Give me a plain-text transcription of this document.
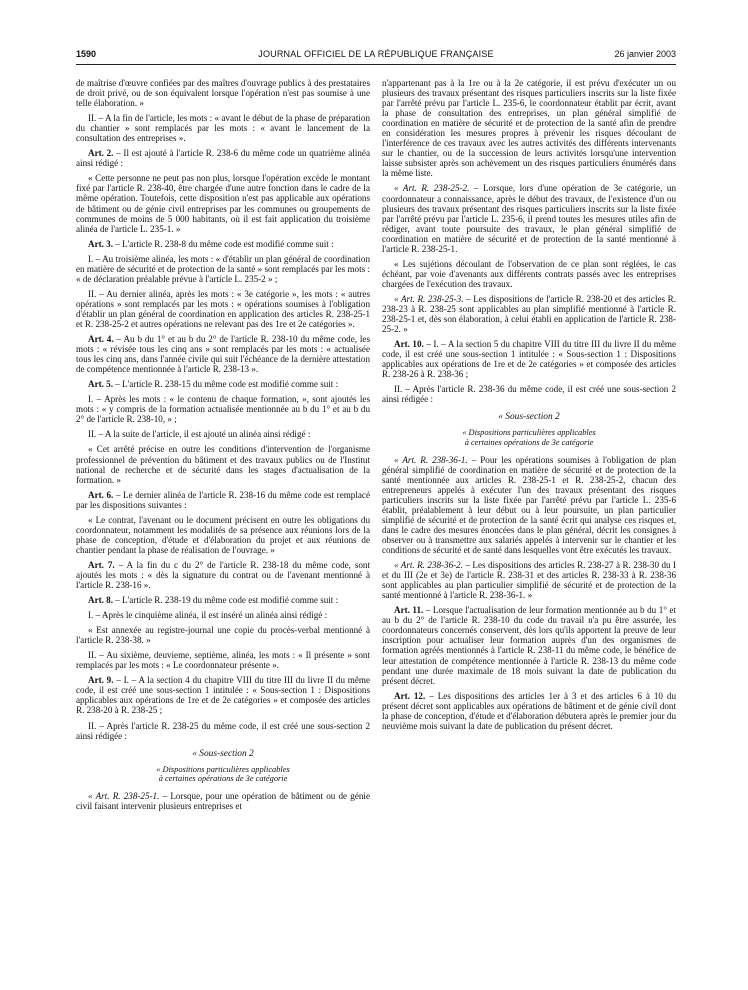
1590	JOURNAL OFFICIEL DE LA RÉPUBLIQUE FRANÇAISE	26 janvier 2003

de maîtrise d'œuvre confiées par des maîtres d'ouvrage publics à des prestataires de droit privé, ou de son équivalent lorsque l'opération n'est pas soumise à une telle élaboration. »

II. – A la fin de l'article, les mots : « avant le début de la phase de préparation du chantier » sont remplacés par les mots : « avant le lancement de la consultation des entreprises ».

Art. 2. – Il est ajouté à l'article R. 238-6 du même code un quatrième alinéa ainsi rédigé :

« Cette personne ne peut pas non plus, lorsque l'opération excède le montant fixé par l'article R. 238-40, être chargée d'une autre fonction dans le cadre de la même opération. Toutefois, cette disposition n'est pas applicable aux opérations de bâtiment ou de génie civil entreprises par les communes ou groupements de communes de moins de 5 000 habitants, où il est fait application du troisième alinéa de l'article L. 235-1. »

Art. 3. – L'article R. 238-8 du même code est modifié comme suit :

I. – Au troisième alinéa, les mots : « d'établir un plan général de coordination en matière de sécurité et de protection de la santé » sont remplacés par les mots : « de déclaration préalable prévue à l'article L. 235-2 » ;

II. – Au dernier alinéa, après les mots : « 3e catégorie », les mots : « autres opérations » sont remplacés par les mots : « opérations soumises à l'obligation d'établir un plan général de coordination en application des articles R. 238-25-1 et R. 238-25-2 et autres opérations ne relevant pas des 1re et 2e catégories ».

Art. 4. – Au b du 1° et au b du 2° de l'article R. 238-10 du même code, les mots : « révisée tous les cinq ans » sont remplacés par les mots : « actualisée tous les cinq ans, dans l'année civile qui suit l'échéance de la dernière attestation de compétence mentionnée à l'article R. 238-13 ».

Art. 5. – L'article R. 238-15 du même code est modifié comme suit :

I. – Après les mots : « le contenu de chaque formation, », sont ajoutés les mots : « y compris de la formation actualisée mentionnée au b du 1° et au b du 2° de l'article R. 238-10, » ;

II. – A la suite de l'article, il est ajouté un alinéa ainsi rédigé :

« Cet arrêté précise en outre les conditions d'intervention de l'organisme professionnel de prévention du bâtiment et des travaux publics ou de l'Institut national de recherche et de sécurité dans les stages d'actualisation de la formation. »

Art. 6. – Le dernier alinéa de l'article R. 238-16 du même code est remplacé par les dispositions suivantes :

« Le contrat, l'avenant ou le document précisent en outre les obligations du coordonnateur, notamment les modalités de sa présence aux réunions lors de la phase de conception, d'étude et d'élaboration du projet et aux réunions de chantier pendant la phase de réalisation de l'ouvrage. »

Art. 7. – A la fin du c du 2° de l'article R. 238-18 du même code, sont ajoutés les mots : « dès la signature du contrat ou de l'avenant mentionné à l'article R. 238-16 ».

Art. 8. – L'article R. 238-19 du même code est modifié comme suit :

I. – Après le cinquième alinéa, il est inséré un alinéa ainsi rédigé :

« Est annexée au registre-journal une copie du procès-verbal mentionné à l'article R. 238-38. »

II. – Au sixième, deuvieme, septième, alinéa, les mots : « Il présente » sont remplacés par les mots : « Le coordonnateur présente ».

Art. 9. – I. – A la section 4 du chapitre VIII du titre III du livre II du même code, il est créé une sous-section 1 intitulée : « Sous-section 1 : Dispositions applicables aux opérations de 1re et de 2e catégories » et composée des articles R. 238-20 à R. 238-25 ;

II. – Après l'article R. 238-25 du même code, il est créé une sous-section 2 ainsi rédigée :

« Sous-section 2

« Dispositions particulières applicables
à certaines opérations de 3e catégorie

« Art. R. 238-25-1. – Lorsque, pour une opération de bâtiment ou de génie civil faisant intervenir plusieurs entreprises et

n'appartenant pas à la 1re ou à la 2e catégorie, il est prévu d'exécuter un ou plusieurs des travaux présentant des risques particuliers inscrits sur la liste fixée par l'arrêté prévu par l'article L. 235-6, le coordonnateur établit par écrit, avant la phase de consultation des entreprises, un plan général simplifié de coordination en matière de sécurité et de protection de la santé afin de prendre en considération les mesures propres à prévenir les risques découlant de l'interférence de ces travaux avec les autres activités des différents intervenants sur le chantier, ou de la succession de leurs activités lorsqu'une intervention laisse subsister après son achèvement un des risques particuliers énumérés dans la même liste.

« Art. R. 238-25-2. – Lorsque, lors d'une opération de 3e catégorie, un coordonnateur a connaissance, après le début des travaux, de l'existence d'un ou plusieurs des travaux présentant des risques particuliers inscrits sur la liste fixée par l'arrêté prévu par l'article L. 235-6, il prend toutes les mesures utiles afin de rédiger, avant toute poursuite des travaux, le plan général simplifié de coordination en matière de sécurité et de protection de la santé mentionné à l'article R. 238-25-1.

« Les sujétions découlant de l'observation de ce plan sont réglées, le cas échéant, par voie d'avenants aux différents contrats passés avec les entreprises chargées de l'exécution des travaux.

« Art. R. 238-25-3. – Les dispositions de l'article R. 238-20 et des articles R. 238-23 à R. 238-25 sont applicables au plan simplifié mentionné à l'article R. 238-25-1 et, dès son élaboration, à celui établi en application de l'article R. 238-25-2. »

Art. 10. – I. – A la section 5 du chapitre VIII du titre III du livre II du même code, il est créé une sous-section 1 intitulée : « Sous-section 1 : Dispositions applicables aux opérations de 1re et de 2e catégories » et composée des articles R. 238-26 à R. 238-36 ;

II. – Après l'article R. 238-36 du même code, il est créé une sous-section 2 ainsi rédigée :

« Sous-section 2

« Dispositions particulières applicables
à certaines opérations de 3e catégorie

« Art. R. 238-36-1. – Pour les opérations soumises à l'obligation de plan général simplifié de coordination en matière de sécurité et de protection de la santé mentionnée aux articles R. 238-25-1 et R. 238-25-2, chacun des entrepreneurs appelés à exécuter l'un des travaux présentant des risques particuliers inscrits sur la liste fixée par l'arrêté prévu par l'article L. 235-6 établit, préalablement à leur début ou à leur poursuite, un plan particulier simplifié de sécurité et de protection de la santé écrit qui analyse ces risques et, dans le cadre des mesures énoncées dans le plan général, décrit les consignes à observer ou à transmettre aux salariés appelés à intervenir sur le chantier et les conditions de sécurité et de santé dans lesquelles vont être exécutés les travaux.

« Art. R. 238-36-2. – Les dispositions des articles R. 238-27 à R. 238-30 du I et du III (2e et 3e) de l'article R. 238-31 et des articles R. 238-33 à R. 238-36 sont applicables au plan particulier simplifié de sécurité et de protection de la santé mentionné à l'article R. 238-36-1. »

Art. 11. – Lorsque l'actualisation de leur formation mentionnée au b du 1° et au b du 2° de l'article R. 238-10 du code du travail n'a pu être assurée, les coordonnateurs concernés conservent, dès lors qu'ils apportent la preuve de leur inscription pour actualiser leur formation auprès d'un des organismes de formation agréés mentionnés à l'article R. 238-11 du même code, le bénéfice de leur attestation de compétence mentionnée à l'article R. 238-13 du même code pendant une durée maximale de 18 mois suivant la date de publication du présent décret.

Art. 12. – Les dispositions des articles 1er à 3 et des articles 6 à 10 du présent décret sont applicables aux opérations de bâtiment et de génie civil dont la phase de conception, d'étude et d'élaboration débutera après le premier jour du neuvième mois suivant la date de publication du présent décret.
